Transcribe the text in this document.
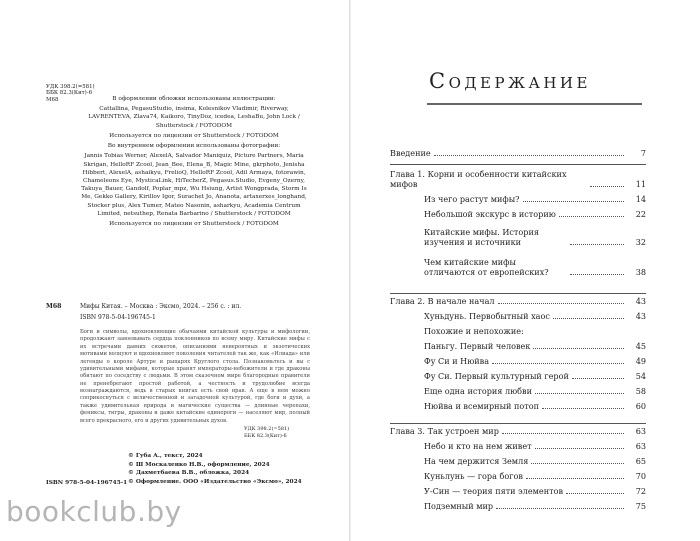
УДК 398.2(=581)
ББК 82.3(Кит)-6
М68	В оформлении обложки использованы иллюстрации:

Cattallina, PegasuStudio, insima, Kolesnikov Vladimir, Riverway, LAVRENTEVA, Zlava74, Kaikoro, TinyDoz, icedea, LeshaBu, John Lock / Shutterstock / FOTODOM

Используется по лицензии от Shutterstock / FOTODOM

Во внутреннем оформлении использованы фотографии:

Jannis Tobias Werner, AlexelA, Salvador Maniquiz, Picture Partners, Maria Skrigan, HelloRF Zcool, Jean_Bee, Elena_B, Magic Mine, gkrphoto, Jenisha Hibbert, AlexelA, ashaikyu, FrelioQ, HelloRF Zcool, Adil Armaya, fotorawin, Chameleons Eye, MysticaLink, HiTecherZ, Pegasus.Studio, Evgeny_Ozerny, Takuya_Bauer, Gandolf, Poplar_mpz, Wu Hsiung, Artist Wongprada, Storm Is Me, Gekko Gallery, Kirillov Igor, Surachet Jo, Ananota, artaxerxes_longhand, Stocker plus, Alex Tumer, Mateo Nasonin, asharkyu, Academia Centrum Limited, netsuthep, Renata Barbarino / Shutterstock / FOTODOM

Используется по лицензии от Shutterstock / FOTODOM

М68	Мифы Китая. – Москва : Эксмо, 2024. – 256 с. : ил.
ISBN 978-5-04-196745-1
Боги и символы, вдохновляющие обычаями китайской культуры и мифологии, продолжают завоевывать сердца поклонников по всему миру. Китайские мифы с их встречами давних сюжетов, описаниями невероятных и экзотических мотивами волнуют и вдохновляют поколения читателей так же, как «Илиада» или легенды о короле Артуре и рыцарях Круглого стола. Познакомьтесь и вы с удивительными мифами, которые хранят императоры-небожители и где драконы обитают по соседству с людьми. В этом сказочном мире благородные правители не пренебрегают простой работой, а честность и трудолюбие всегда вознаграждаются, ведь в старых книгах есть свой нрав. А еще в нем можно соприкоснуться с величественной и загадочной культурой, где боги и духи, а также удивительная природа и магические существа — длинные черепахи, фениксы, тигры, драконы и даже китайские единороги — населяют мир, полный всего прекрасного, его и других удивительных духов.
УДК 398.2(=581)
ББК 82.3(Кит)-6
© Губа А., текст, 2024
© Ш Москаленко Н.В., оформление, 2024
© Дахметбаева В.В., обложка, 2024
© Оформление. ООО «Издательство «Эксмо», 2024
ISBN 978-5-04-196745-1
bookclub.by
Содержание
Введение	7
Глава 1. Корни и особенности китайских мифов	11
Из чего растут мифы?	14
Небольшой экскурс в историю	22
Китайские мифы. История изучения и источники	32
Чем китайские мифы отличаются от европейских?	38
Глава 2. В начале начал	43
Хуньдунь. Первобытный хаос	43
Похожие и непохожие:
Паньгу. Первый человек	45
Фу Си и Нюйва	49
Фу Си. Первый культурный герой	54
Еще одна история любви	58
Нюйва и всемирный потоп	60
Глава 3. Так устроен мир	63
Небо и кто на нем живет	63
На чем держится Земля	65
Куньлунь — гора богов	70
У-Син — теория пяти элементов	72
Подземный мир	75
